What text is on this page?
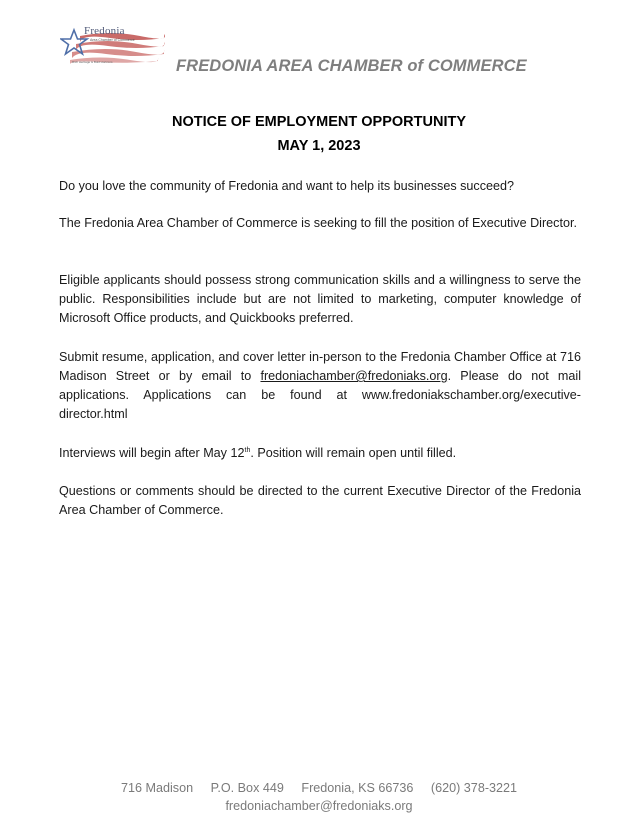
Fredonia
Area Chamber of Commerce
Rich Heritage & Bold Horizons	FREDONIA AREA CHAMBER of COMMERCE
NOTICE OF EMPLOYMENT OPPORTUNITY
MAY 1, 2023
Do you love the community of Fredonia and want to help its businesses succeed?
The Fredonia Area Chamber of Commerce is seeking to fill the position of Executive Director.
Eligible applicants should possess strong communication skills and a willingness to serve the public. Responsibilities include but are not limited to marketing, computer knowledge of Microsoft Office products, and Quickbooks preferred.
Submit resume, application, and cover letter in-person to the Fredonia Chamber Office at 716 Madison Street or by email to fredoniachamber@fredoniaks.org. Please do not mail applications. Applications can be found at www.fredoniakschamber.org/executive-director.html
Interviews will begin after May 12th. Position will remain open until filled.
Questions or comments should be directed to the current Executive Director of the Fredonia Area Chamber of Commerce.
716 Madison P.O. Box 449 Fredonia, KS 66736 (620) 378-3221
fredoniachamber@fredoniaks.org
